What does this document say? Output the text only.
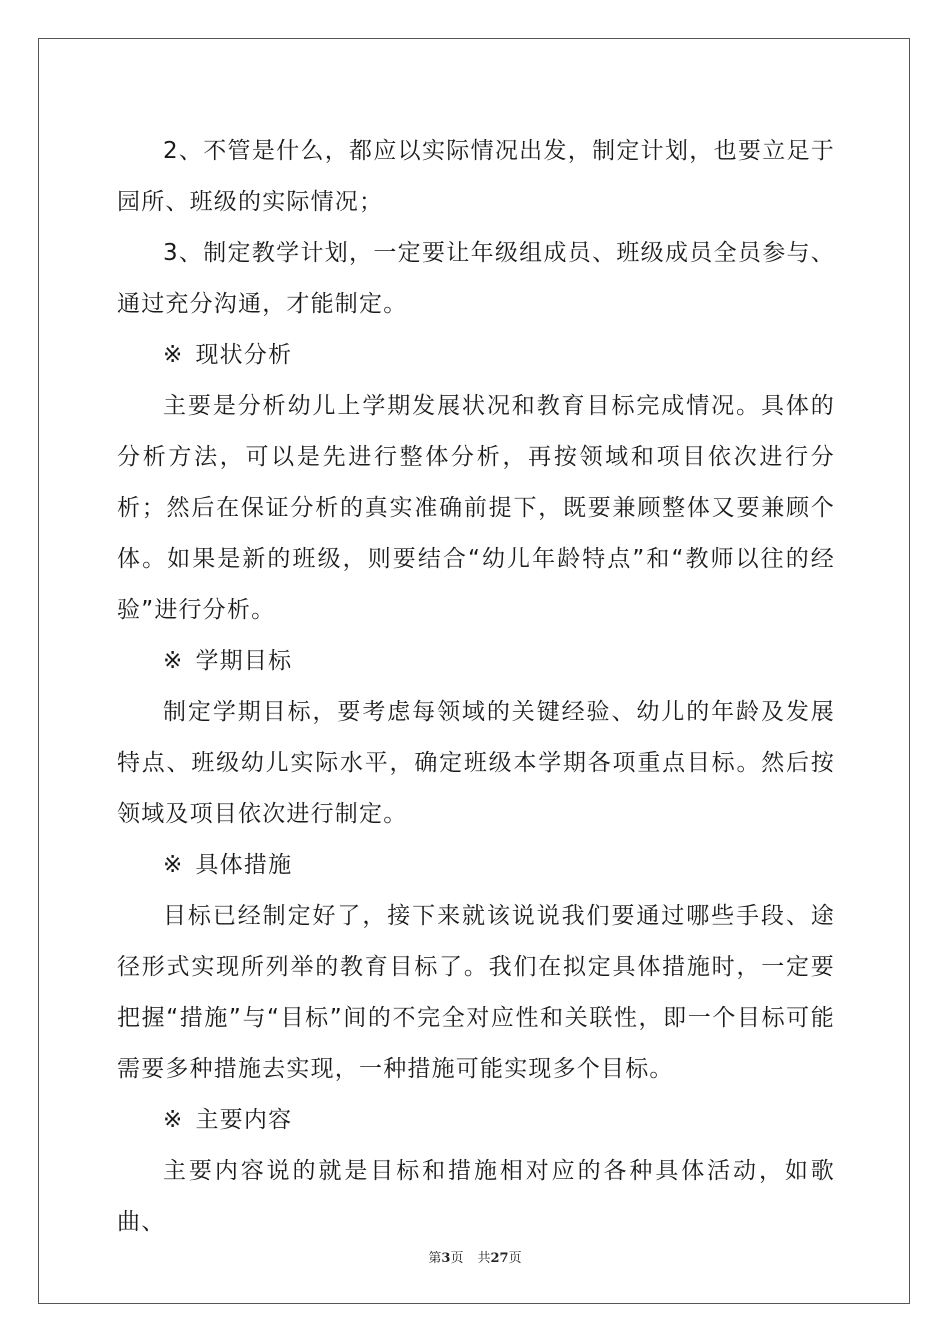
2、不管是什么，都应以实际情况出发，制定计划，也要立足于园所、班级的实际情况；

3、制定教学计划，一定要让年级组成员、班级成员全员参与、通过充分沟通，才能制定。

※ 现状分析

主要是分析幼儿上学期发展状况和教育目标完成情况。具体的分析方法，可以是先进行整体分析，再按领域和项目依次进行分析；然后在保证分析的真实准确前提下，既要兼顾整体又要兼顾个体。如果是新的班级，则要结合“幼儿年龄特点”和“教师以往的经验”进行分析。

※ 学期目标

制定学期目标，要考虑每领域的关键经验、幼儿的年龄及发展特点、班级幼儿实际水平，确定班级本学期各项重点目标。然后按领域及项目依次进行制定。

※ 具体措施

目标已经制定好了，接下来就该说说我们要通过哪些手段、途径形式实现所列举的教育目标了。我们在拟定具体措施时，一定要把握“措施”与“目标”间的不完全对应性和关联性，即一个目标可能需要多种措施去实现，一种措施可能实现多个目标。

※ 主要内容

主要内容说的就是目标和措施相对应的各种具体活动，如歌曲、

第3页 共27页
